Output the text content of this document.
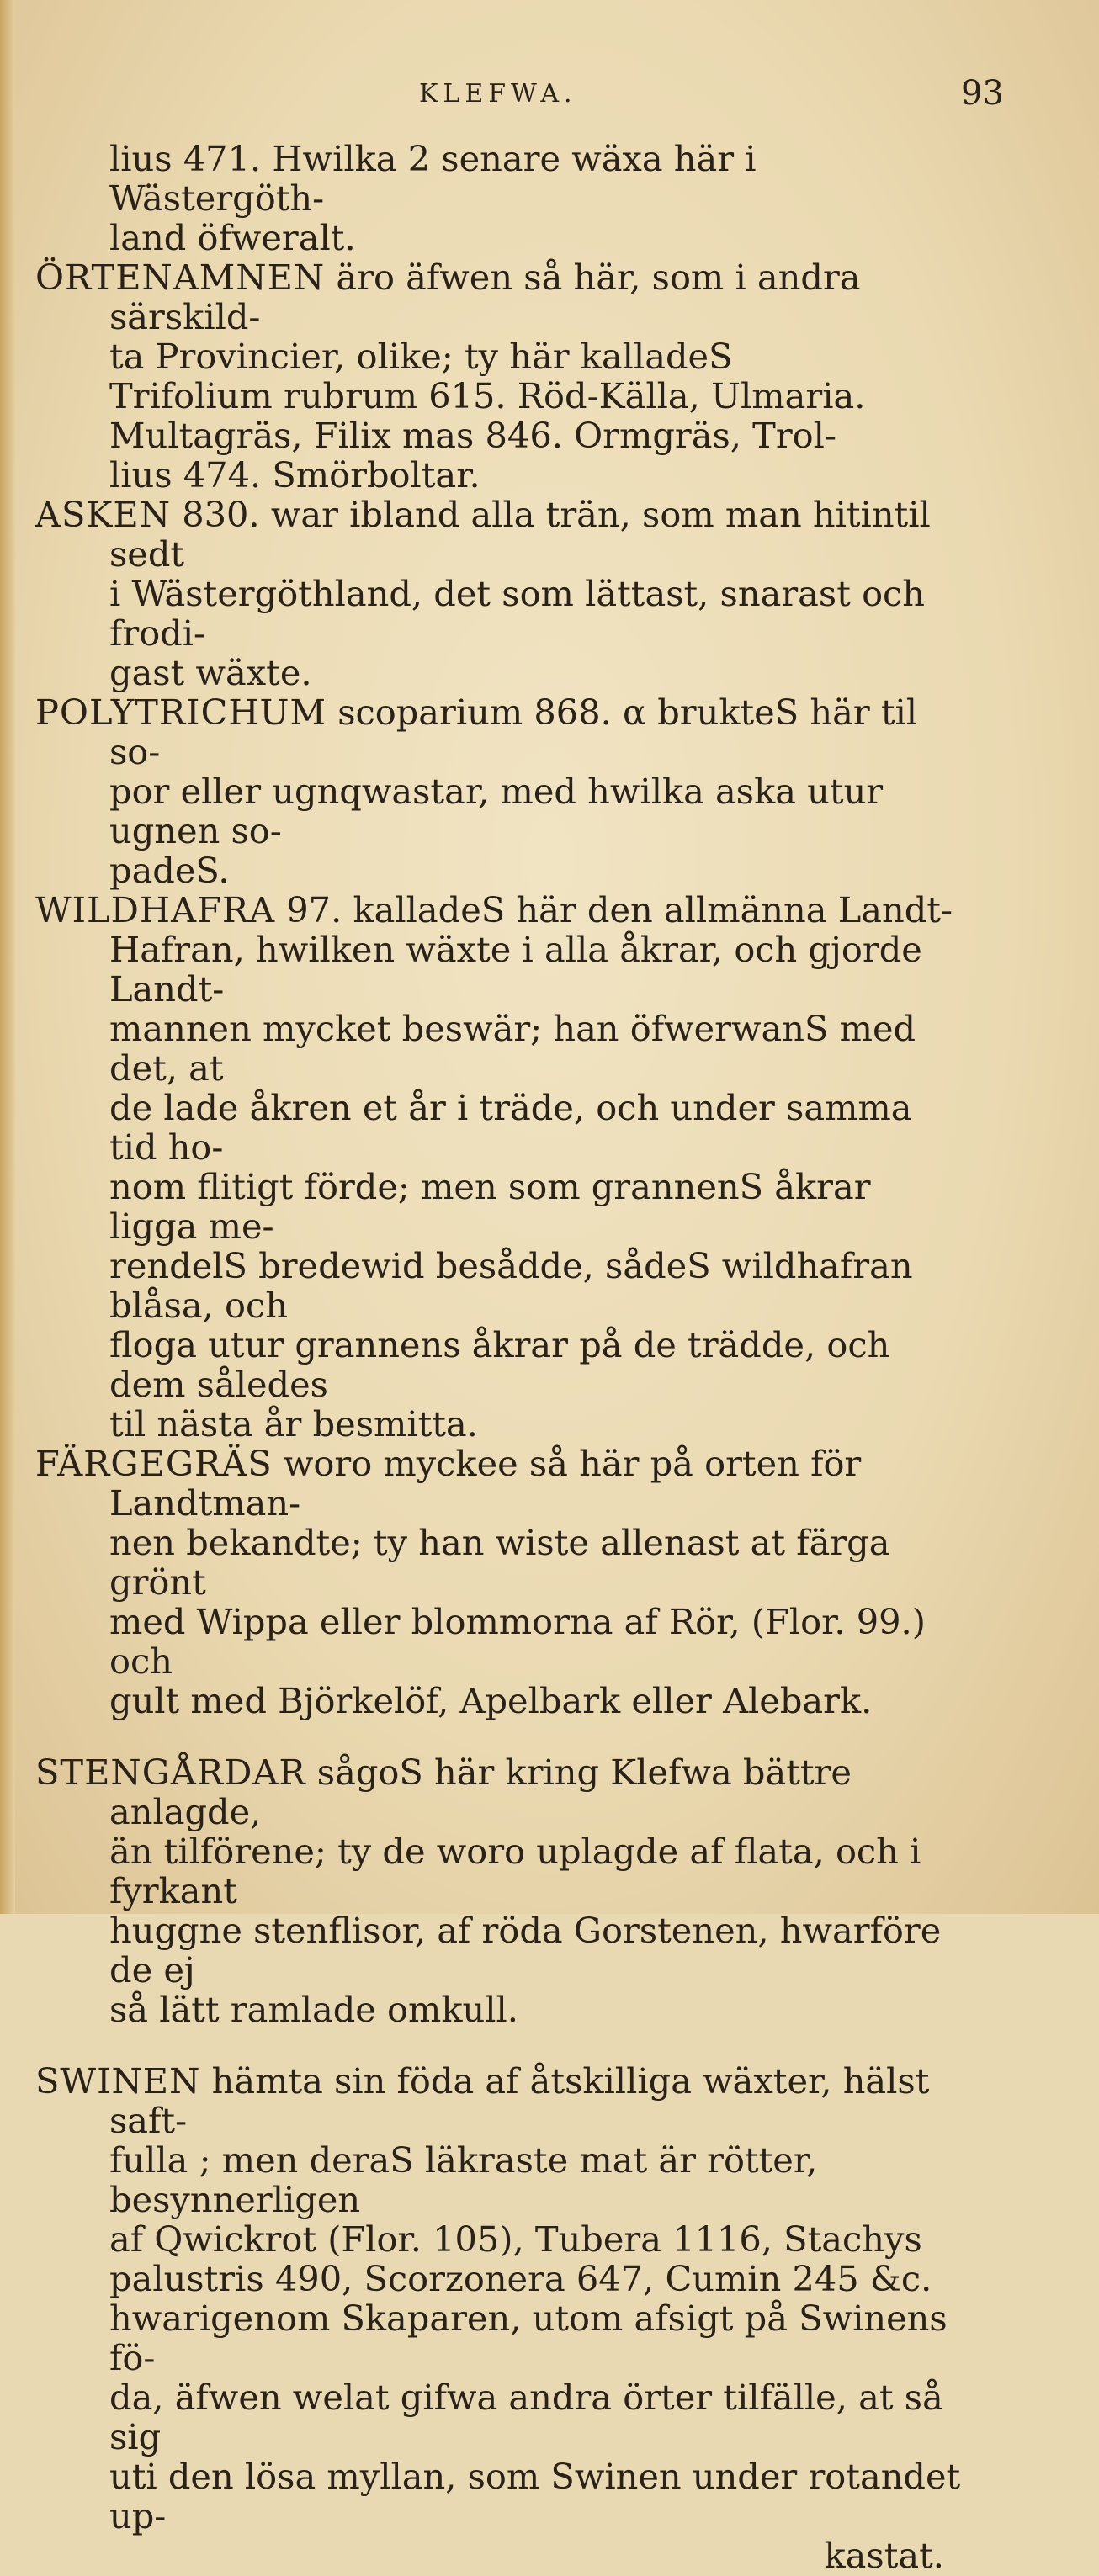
KLEFWA.	93

lius 471. Hwilka 2 senare wäxa här i Wästergöth-

land öfweralt.

ÖRTENAMNEN äro äfwen så här, som i andra särskild-

ta Provincier, olike; ty här kalladeS

Trifolium rubrum 615. Röd-Källa, Ulmaria.

Multagräs, Filix mas 846. Ormgräs, Trol-

lius 474. Smörboltar.

ASKEN 830. war ibland alla trän, som man hitintil sedt

i Wästergöthland, det som lättast, snarast och frodi-

gast wäxte.

POLYTRICHUM scoparium 868. α brukteS här til so-

por eller ugnqwastar, med hwilka aska utur ugnen so-

padeS.

WILDHAFRA 97. kalladeS här den allmänna Landt-

Hafran, hwilken wäxte i alla åkrar, och gjorde Landt-

mannen mycket beswär; han öfwerwanS med det, at

de lade åkren et år i träde, och under samma tid ho-

nom flitigt förde; men som grannenS åkrar ligga me-

rendelS bredewid besådde, sådeS wildhafran blåsa, och

floga utur grannens åkrar på de trädde, och dem således

til nästa år besmitta.

FÄRGEGRÄS woro myckee så här på orten för Landtman-

nen bekandte; ty han wiste allenast at färga grönt

med Wippa eller blommorna af Rör, (Flor. 99.) och

gult med Björkelöf, Apelbark eller Alebark.

STENGÅRDAR sågoS här kring Klefwa bättre anlagde,

än tilförene; ty de woro uplagde af flata, och i fyrkant

huggne stenflisor, af röda Gorstenen, hwarföre de ej

så lätt ramlade omkull.

SWINEN hämta sin föda af åtskilliga wäxter, hälst saft-

fulla ; men deraS läkraste mat är rötter, besynnerligen

af Qwickrot (Flor. 105), Tubera 1116, Stachys

palustris 490, Scorzonera 647, Cumin 245 &c.

hwarigenom Skaparen, utom afsigt på Swinens fö-

da, äfwen welat gifwa andra örter tilfälle, at så sig

uti den lösa myllan, som Swinen under rotandet up-

kastat.
